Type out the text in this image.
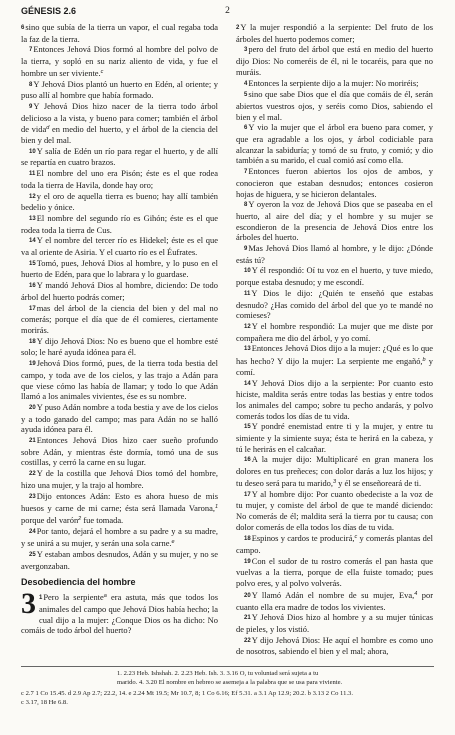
GÉNESIS 2.6	2

6sino que subía de la tierra un vapor, el cual regaba toda la faz de la tierra.

7Entonces Jehová Dios formó al hombre del polvo de la tierra, y sopló en su nariz aliento de vida, y fue el hombre un ser viviente.$^c$

8Y Jehová Dios plantó un huerto en Edén, al oriente; y puso allí al hombre que había formado.

9Y Jehová Dios hizo nacer de la tierra todo árbol delicioso a la vista, y bueno para comer; también el árbol de vida$^d$ en medio del huerto, y el árbol de la ciencia del bien y del mal.

10Y salía de Edén un río para regar el huerto, y de allí se repartía en cuatro brazos.

11El nombre del uno era Pisón; éste es el que rodea toda la tierra de Havila, donde hay oro;

12y el oro de aquella tierra es bueno; hay allí también bedelio y ónice.

13El nombre del segundo río es Gihón; éste es el que rodea toda la tierra de Cus.

14Y el nombre del tercer río es Hidekel; éste es el que va al oriente de Asiria. Y el cuarto río es el Éufrates.

15Tomó, pues, Jehová Dios al hombre, y lo puso en el huerto de Edén, para que lo labrara y lo guardase.

16Y mandó Jehová Dios al hombre, diciendo: De todo árbol del huerto podrás comer;

17mas del árbol de la ciencia del bien y del mal no comerás; porque el día que de él comieres, ciertamente morirás.

18Y dijo Jehová Dios: No es bueno que el hombre esté solo; le haré ayuda idónea para él.

19Jehová Dios formó, pues, de la tierra toda bestia del campo, y toda ave de los cielos, y las trajo a Adán para que viese cómo las había de llamar; y todo lo que Adán llamó a los animales vivientes, ése es su nombre.

20Y puso Adán nombre a toda bestia y ave de los cielos y a todo ganado del campo; mas para Adán no se halló ayuda idónea para él.

21Entonces Jehová Dios hizo caer sueño profundo sobre Adán, y mientras éste dormía, tomó una de sus costillas, y cerró la carne en su lugar.

22Y de la costilla que Jehová Dios tomó del hombre, hizo una mujer, y la trajo al hombre.

23Dijo entonces Adán: Esto es ahora hueso de mis huesos y carne de mi carne; ésta será llamada Varona,$^1$ porque del varón$^2$ fue tomada.

24Por tanto, dejará el hombre a su padre y a su madre, y se unirá a su mujer, y serán una sola carne.$^e$

25Y estaban ambos desnudos, Adán y su mujer, y no se avergonzaban.

Desobediencia del hombre

3 1Pero la serpiente$^a$ era astuta, más que todos los animales del campo que Jehová Dios había hecho; la cual dijo a la mujer: ¿Conque Dios os ha dicho: No comáis de todo árbol del huerto?

2Y la mujer respondió a la serpiente: Del fruto de los árboles del huerto podemos comer;

3pero del fruto del árbol que está en medio del huerto dijo Dios: No comeréis de él, ni le tocaréis, para que no muráis.

4Entonces la serpiente dijo a la mujer: No moriréis;

5sino que sabe Dios que el día que comáis de él, serán abiertos vuestros ojos, y seréis como Dios, sabiendo el bien y el mal.

6Y vio la mujer que el árbol era bueno para comer, y que era agradable a los ojos, y árbol codiciable para alcanzar la sabiduría; y tomó de su fruto, y comió; y dio también a su marido, el cual comió así como ella.

7Entonces fueron abiertos los ojos de ambos, y conocieron que estaban desnudos; entonces cosieron hojas de higuera, y se hicieron delantales.

8Y oyeron la voz de Jehová Dios que se paseaba en el huerto, al aire del día; y el hombre y su mujer se escondieron de la presencia de Jehová Dios entre los árboles del huerto.

9Mas Jehová Dios llamó al hombre, y le dijo: ¿Dónde estás tú?

10Y él respondió: Oí tu voz en el huerto, y tuve miedo, porque estaba desnudo; y me escondí.

11Y Dios le dijo: ¿Quién te enseñó que estabas desnudo? ¿Has comido del árbol del que yo te mandé no comieses?

12Y el hombre respondió: La mujer que me diste por compañera me dio del árbol, y yo comí.

13Entonces Jehová Dios dijo a la mujer: ¿Qué es lo que has hecho? Y dijo la mujer: La serpiente me engañó,$^b$ y comí.

14Y Jehová Dios dijo a la serpiente: Por cuanto esto hiciste, maldita serás entre todas las bestias y entre todos los animales del campo; sobre tu pecho andarás, y polvo comerás todos los días de tu vida.

15Y pondré enemistad entre ti y la mujer, y entre tu simiente y la simiente suya; ésta te herirá en la cabeza, y tú le herirás en el calcañar.

16A la mujer dijo: Multiplicaré en gran manera los dolores en tus preñeces; con dolor darás a luz los hijos; y tu deseo será para tu marido,$^3$ y él se enseñoreará de ti.

17Y al hombre dijo: Por cuanto obedeciste a la voz de tu mujer, y comiste del árbol de que te mandé diciendo: No comerás de él; maldita será la tierra por tu causa; con dolor comerás de ella todos los días de tu vida.

18Espinos y cardos te producirá,$^c$ y comerás plantas del campo.

19Con el sudor de tu rostro comerás el pan hasta que vuelvas a la tierra, porque de ella fuiste tomado; pues polvo eres, y al polvo volverás.

20Y llamó Adán el nombre de su mujer, Eva,$^4$ por cuanto ella era madre de todos los vivientes.

21Y Jehová Dios hizo al hombre y a su mujer túnicas de pieles, y los vistió.

22Y dijo Jehová Dios: He aquí el hombre es como uno de nosotros, sabiendo el bien y el mal; ahora,

1. 2.23 Heb. Ishshah. 2. 2.23 Heb. Ish. 3. 3.16 O, tu voluntad será sujeta a tu
marido. 4. 3.20 El nombre en hebreo se asemeja a la palabra que se usa para viviente.
c 2.7 1 Co 15.45. d 2.9 Ap 2.7; 22.2, 14. e 2.24 Mt 19.5; Mr 10.7, 8; 1 Co 6.16; Ef 5.31. a 3.1 Ap 12.9; 20.2. b 3.13 2 Co 11.3.
c 3.17, 18 He 6.8.
